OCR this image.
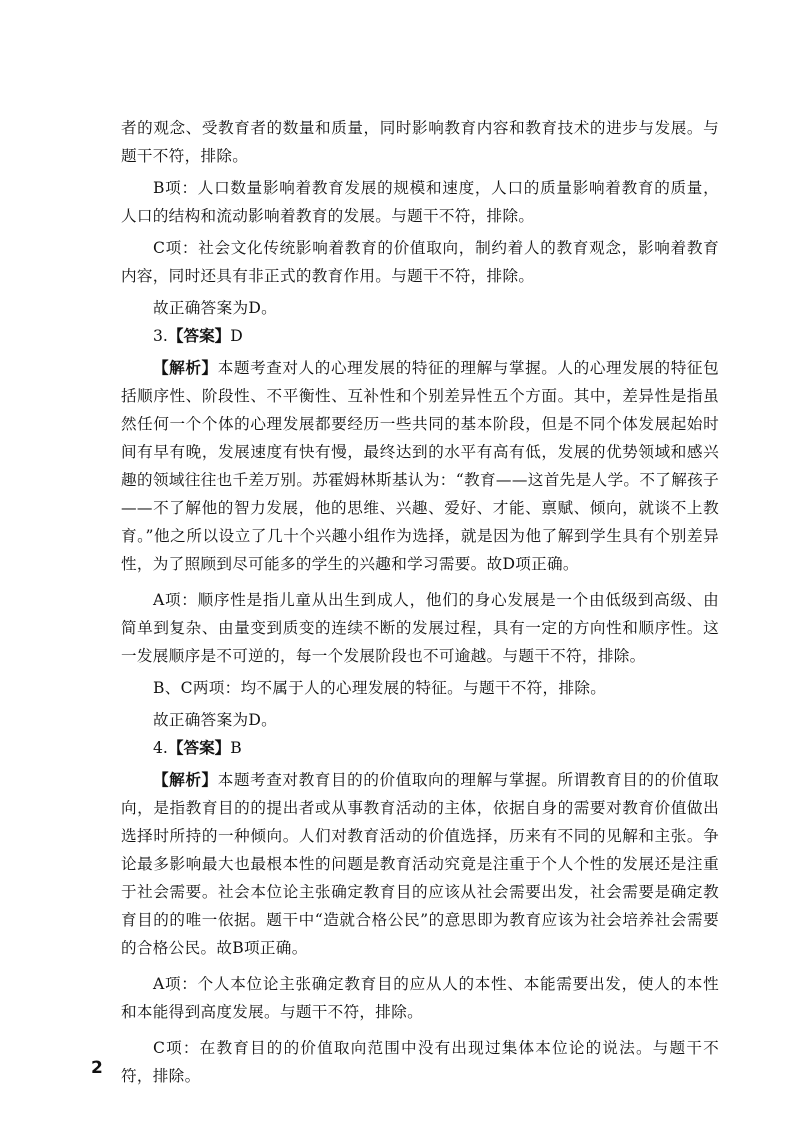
者的观念、受教育者的数量和质量，同时影响教育内容和教育技术的进步与发展。与题干不符，排除。

B项：人口数量影响着教育发展的规模和速度，人口的质量影响着教育的质量，人口的结构和流动影响着教育的发展。与题干不符，排除。

C项：社会文化传统影响着教育的价值取向，制约着人的教育观念，影响着教育内容，同时还具有非正式的教育作用。与题干不符，排除。

故正确答案为D。

3.【答案】D

【解析】本题考查对人的心理发展的特征的理解与掌握。人的心理发展的特征包括顺序性、阶段性、不平衡性、互补性和个别差异性五个方面。其中，差异性是指虽然任何一个个体的心理发展都要经历一些共同的基本阶段，但是不同个体发展起始时间有早有晚，发展速度有快有慢，最终达到的水平有高有低，发展的优势领域和感兴趣的领域往往也千差万别。苏霍姆林斯基认为：“教育——这首先是人学。不了解孩子——不了解他的智力发展，他的思维、兴趣、爱好、才能、禀赋、倾向，就谈不上教育。”他之所以设立了几十个兴趣小组作为选择，就是因为他了解到学生具有个别差异性，为了照顾到尽可能多的学生的兴趣和学习需要。故D项正确。

A项：顺序性是指儿童从出生到成人，他们的身心发展是一个由低级到高级、由简单到复杂、由量变到质变的连续不断的发展过程，具有一定的方向性和顺序性。这一发展顺序是不可逆的，每一个发展阶段也不可逾越。与题干不符，排除。

B、C两项：均不属于人的心理发展的特征。与题干不符，排除。

故正确答案为D。

4.【答案】B

【解析】本题考查对教育目的的价值取向的理解与掌握。所谓教育目的的价值取向，是指教育目的的提出者或从事教育活动的主体，依据自身的需要对教育价值做出选择时所持的一种倾向。人们对教育活动的价值选择，历来有不同的见解和主张。争论最多影响最大也最根本性的问题是教育活动究竟是注重于个人个性的发展还是注重于社会需要。社会本位论主张确定教育目的应该从社会需要出发，社会需要是确定教育目的的唯一依据。题干中“造就合格公民”的意思即为教育应该为社会培养社会需要的合格公民。故B项正确。

A项：个人本位论主张确定教育目的应从人的本性、本能需要出发，使人的本性和本能得到高度发展。与题干不符，排除。

C项：在教育目的的价值取向范围中没有出现过集体本位论的说法。与题干不符，排除。

2
